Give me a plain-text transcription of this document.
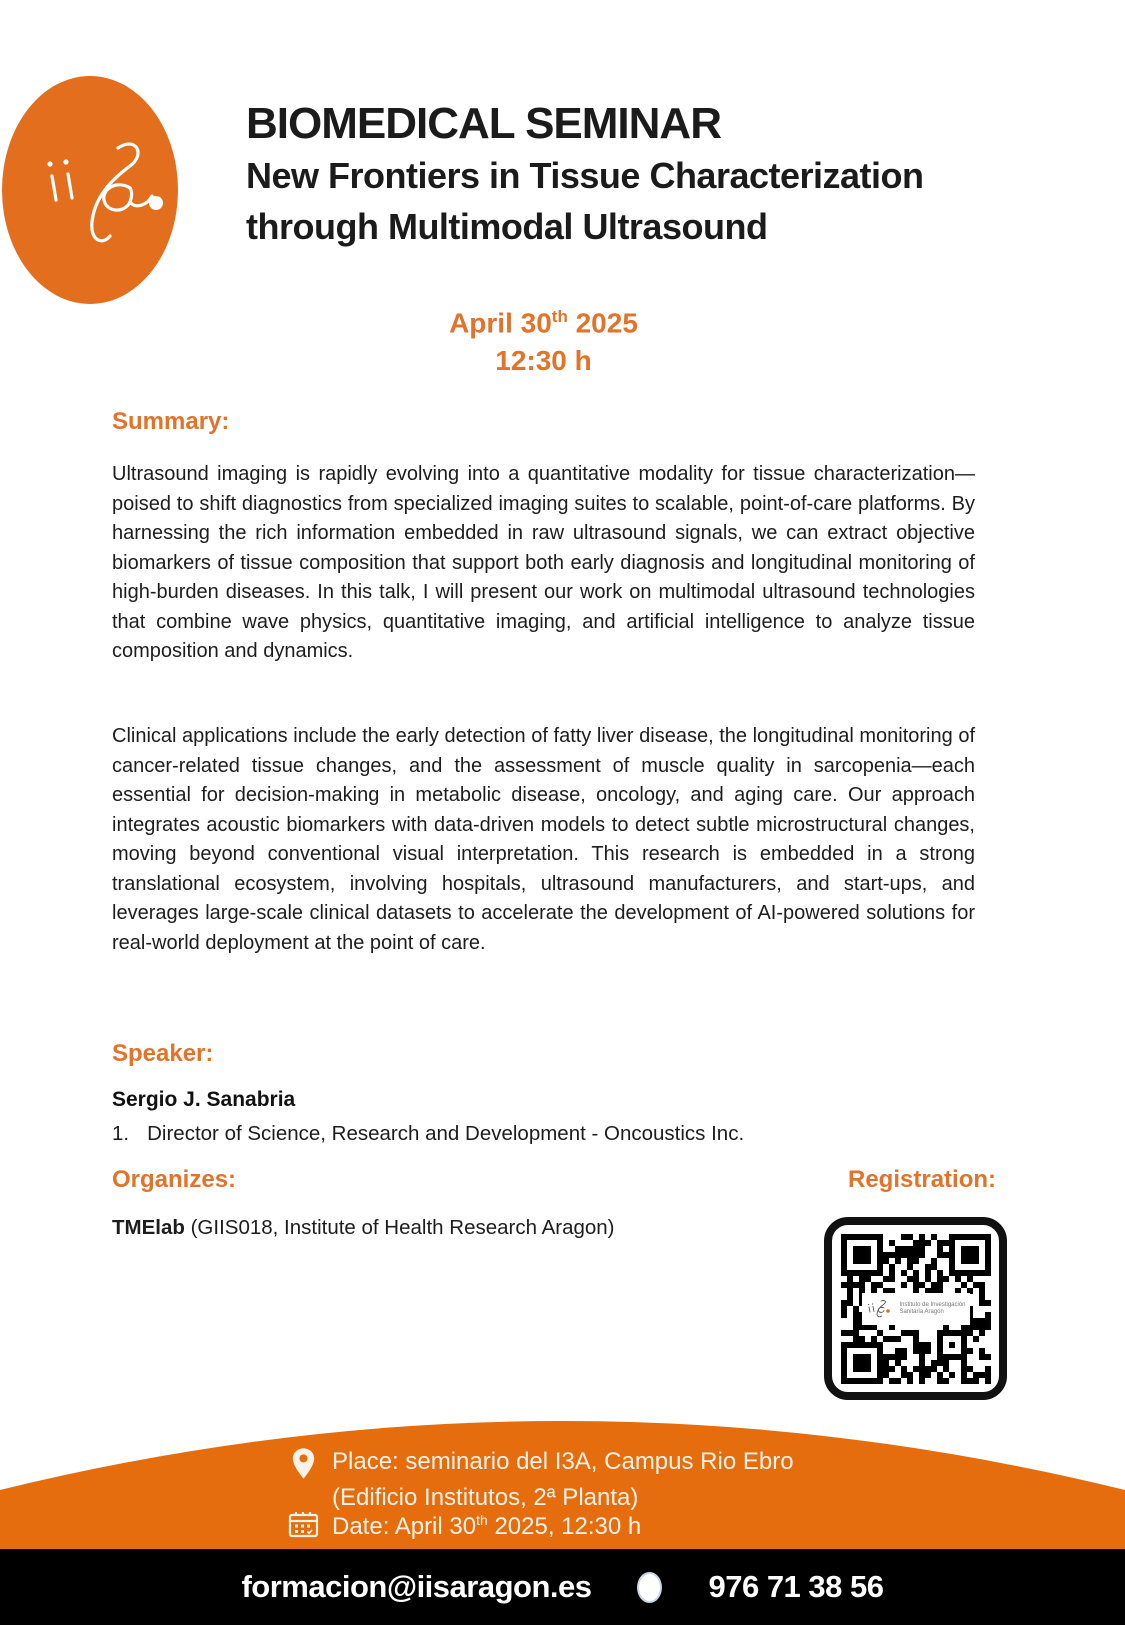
BIOMEDICAL SEMINAR
New Frontiers in Tissue Characterization
through Multimodal Ultrasound
April 30th 2025
12:30 h
Summary:
Ultrasound imaging is rapidly evolving into a quantitative modality for tissue characterization—poised to shift diagnostics from specialized imaging suites to scalable, point-of-care platforms. By harnessing the rich information embedded in raw ultrasound signals, we can extract objective biomarkers of tissue composition that support both early diagnosis and longitudinal monitoring of high-burden diseases. In this talk, I will present our work on multimodal ultrasound technologies that combine wave physics, quantitative imaging, and artificial intelligence to analyze tissue composition and dynamics.
Clinical applications include the early detection of fatty liver disease, the longitudinal monitoring of cancer-related tissue changes, and the assessment of muscle quality in sarcopenia—each essential for decision-making in metabolic disease, oncology, and aging care. Our approach integrates acoustic biomarkers with data-driven models to detect subtle microstructural changes, moving beyond conventional visual interpretation. This research is embedded in a strong translational ecosystem, involving hospitals, ultrasound manufacturers, and start-ups, and leverages large-scale clinical datasets to accelerate the development of AI-powered solutions for real-world deployment at the point of care.
Speaker:
Sergio J. Sanabria
1. Director of Science, Research and Development - Oncoustics Inc.
Organizes:	Registration:
TMElab (GIIS018, Institute of Health Research Aragon)
Instituto de Investigación
Sanitaria Aragón
Place: seminario del I3A, Campus Rio Ebro
(Edificio Institutos, 2ª Planta)
Date: April 30th 2025, 12:30 h
formacion@iisaragon.es	976 71 38 56
